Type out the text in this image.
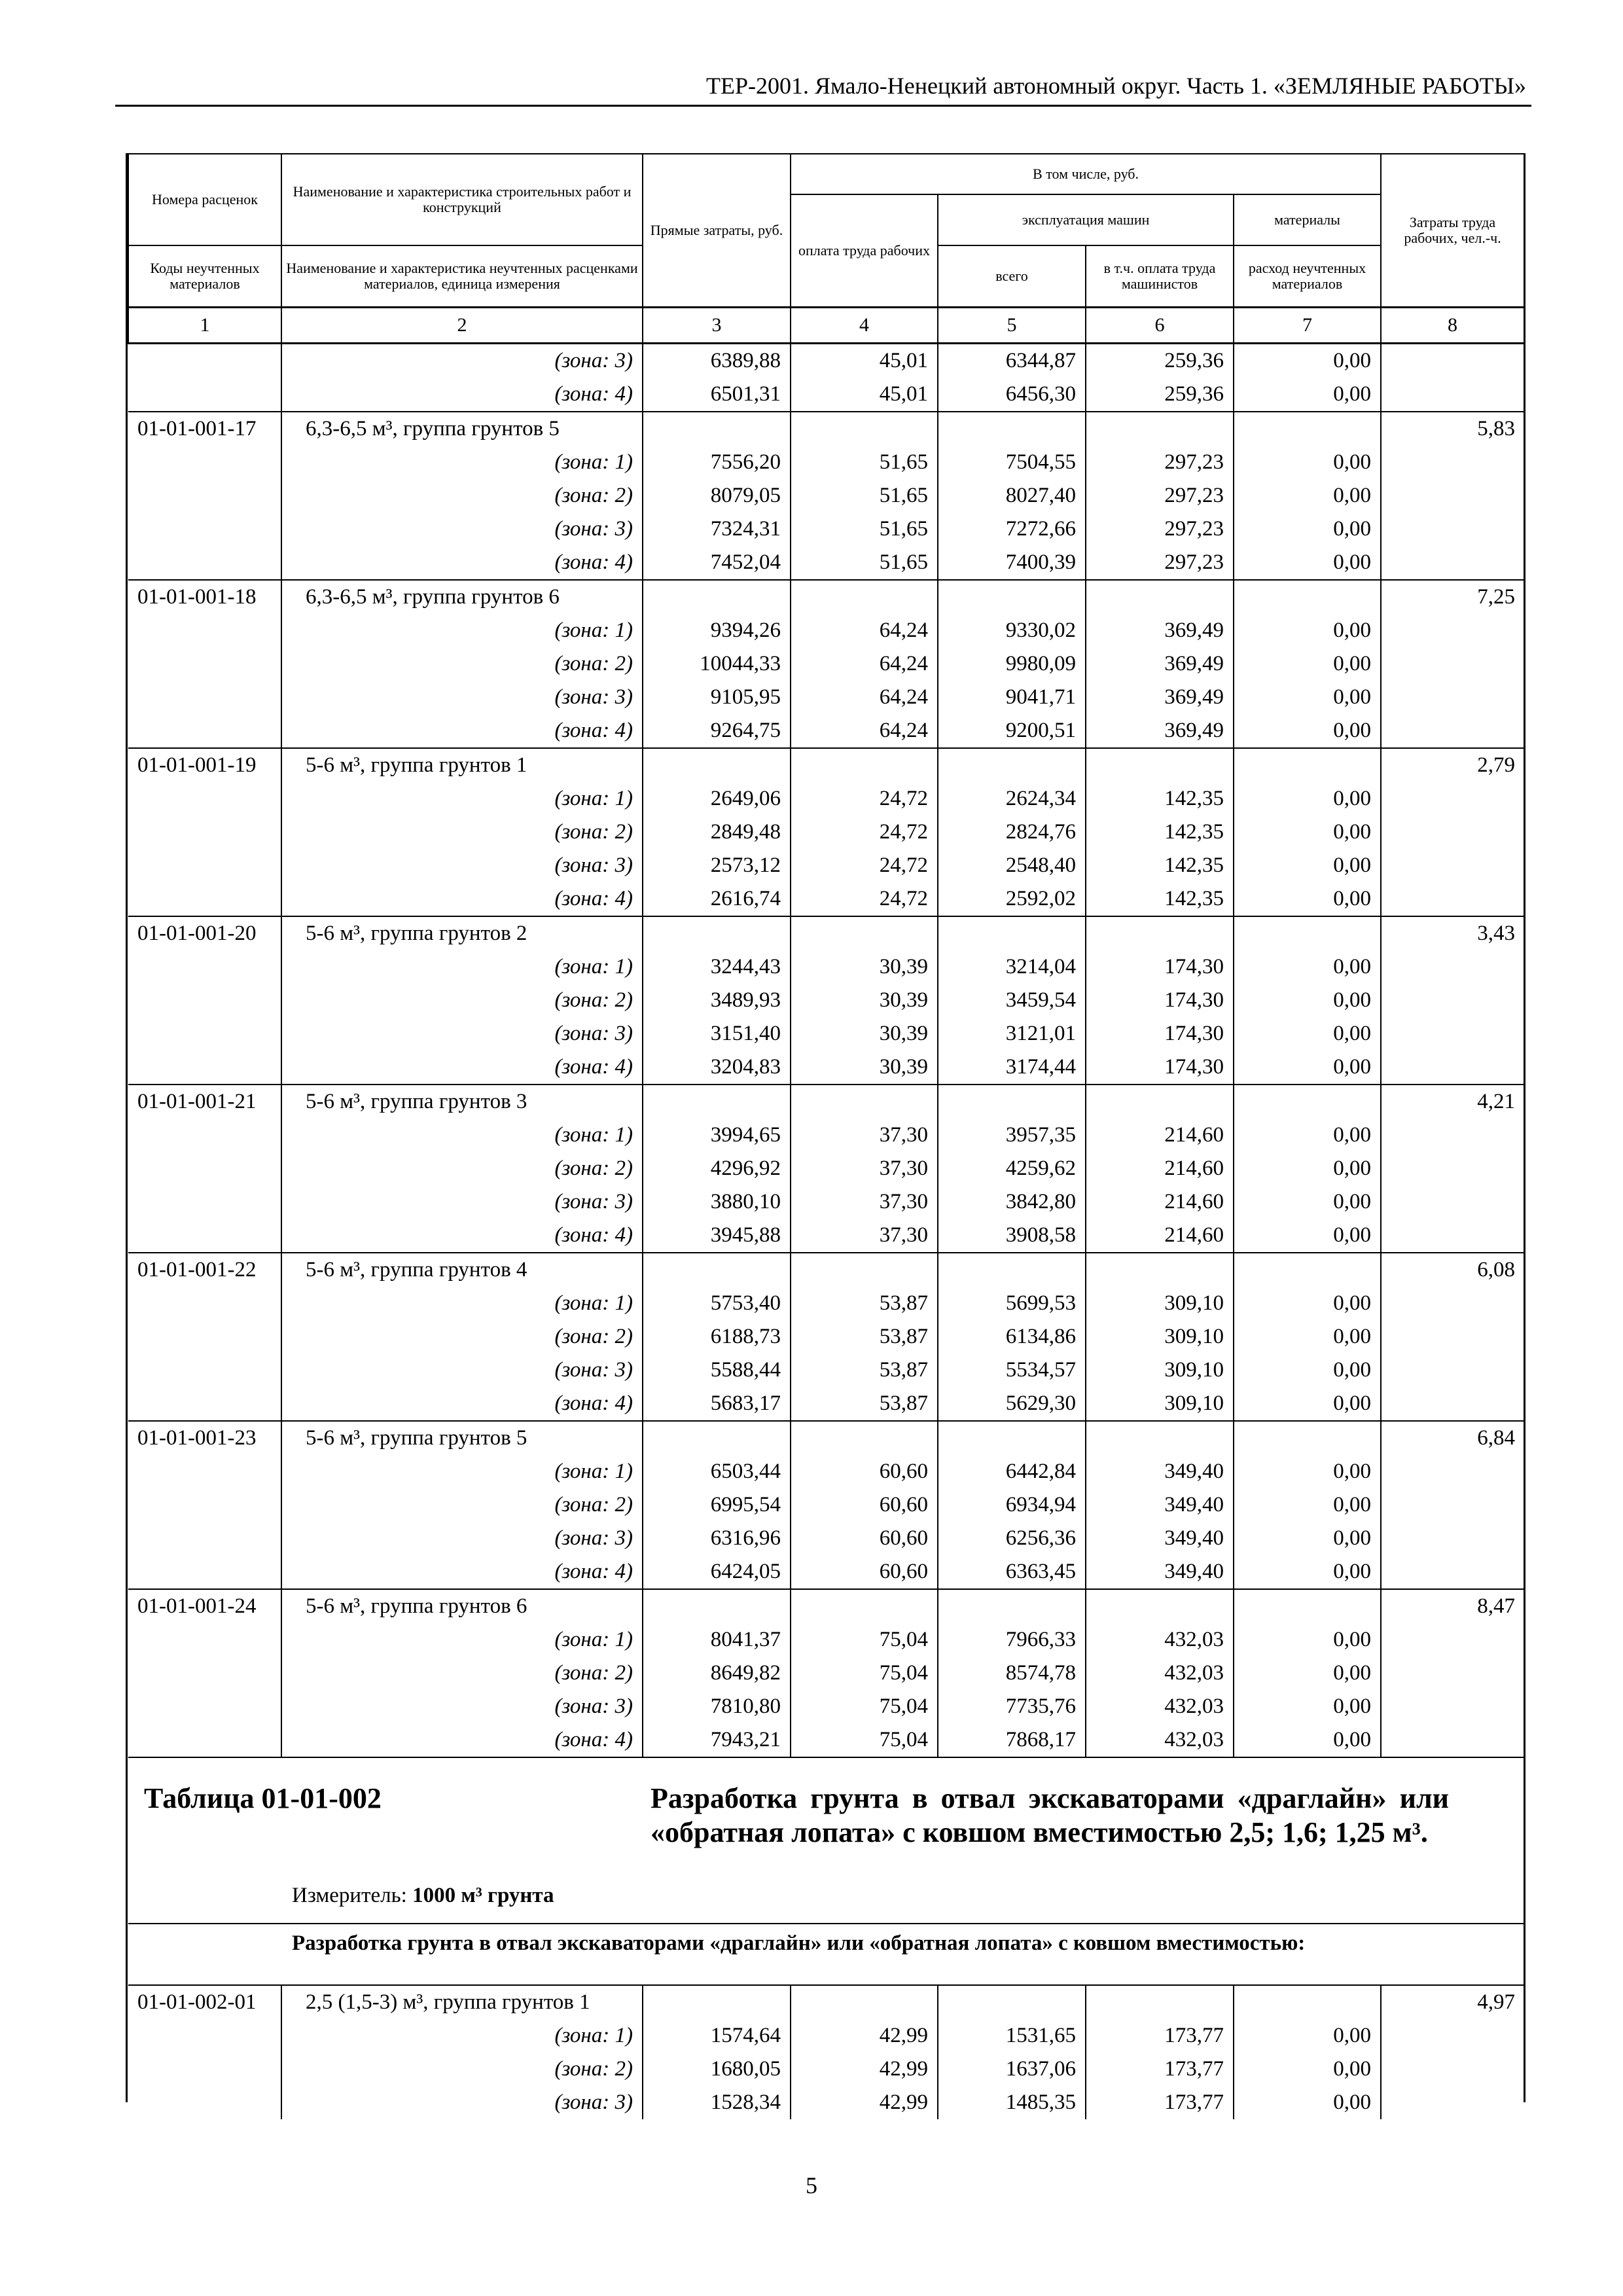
ТЕР-2001. Ямало-Ненецкий автономный округ. Часть 1. «ЗЕМЛЯНЫЕ РАБОТЫ»
Номера расценок	Наименование и характеристика строительных работ и конструкций	Прямые затраты, руб.	В том числе, руб.				Затраты труда рабочих, чел.-ч.
			оплата труда рабочих	эксплуатация машин		материалы	
Коды неучтенных материалов	Наименование и характеристика неучтенных расценками материалов, единица измерения			всего	в т.ч. оплата труда машинистов	расход неучтенных материалов	
1	2	3	4	5	6	7	8
	(зона: 3)	6389,88	45,01	6344,87	259,36	0,00	
	(зона: 4)	6501,31	45,01	6456,30	259,36	0,00	
01-01-001-17	6,3-6,5 м³, группа грунтов 5						5,83
	(зона: 1)	7556,20	51,65	7504,55	297,23	0,00	
	(зона: 2)	8079,05	51,65	8027,40	297,23	0,00	
	(зона: 3)	7324,31	51,65	7272,66	297,23	0,00	
	(зона: 4)	7452,04	51,65	7400,39	297,23	0,00	
01-01-001-18	6,3-6,5 м³, группа грунтов 6						7,25
	(зона: 1)	9394,26	64,24	9330,02	369,49	0,00	
	(зона: 2)	10044,33	64,24	9980,09	369,49	0,00	
	(зона: 3)	9105,95	64,24	9041,71	369,49	0,00	
	(зона: 4)	9264,75	64,24	9200,51	369,49	0,00	
01-01-001-19	5-6 м³, группа грунтов 1						2,79
	(зона: 1)	2649,06	24,72	2624,34	142,35	0,00	
	(зона: 2)	2849,48	24,72	2824,76	142,35	0,00	
	(зона: 3)	2573,12	24,72	2548,40	142,35	0,00	
	(зона: 4)	2616,74	24,72	2592,02	142,35	0,00	
01-01-001-20	5-6 м³, группа грунтов 2						3,43
	(зона: 1)	3244,43	30,39	3214,04	174,30	0,00	
	(зона: 2)	3489,93	30,39	3459,54	174,30	0,00	
	(зона: 3)	3151,40	30,39	3121,01	174,30	0,00	
	(зона: 4)	3204,83	30,39	3174,44	174,30	0,00	
01-01-001-21	5-6 м³, группа грунтов 3						4,21
	(зона: 1)	3994,65	37,30	3957,35	214,60	0,00	
	(зона: 2)	4296,92	37,30	4259,62	214,60	0,00	
	(зона: 3)	3880,10	37,30	3842,80	214,60	0,00	
	(зона: 4)	3945,88	37,30	3908,58	214,60	0,00	
01-01-001-22	5-6 м³, группа грунтов 4						6,08
	(зона: 1)	5753,40	53,87	5699,53	309,10	0,00	
	(зона: 2)	6188,73	53,87	6134,86	309,10	0,00	
	(зона: 3)	5588,44	53,87	5534,57	309,10	0,00	
	(зона: 4)	5683,17	53,87	5629,30	309,10	0,00	
01-01-001-23	5-6 м³, группа грунтов 5						6,84
	(зона: 1)	6503,44	60,60	6442,84	349,40	0,00	
	(зона: 2)	6995,54	60,60	6934,94	349,40	0,00	
	(зона: 3)	6316,96	60,60	6256,36	349,40	0,00	
	(зона: 4)	6424,05	60,60	6363,45	349,40	0,00	
01-01-001-24	5-6 м³, группа грунтов 6						8,47
	(зона: 1)	8041,37	75,04	7966,33	432,03	0,00	
	(зона: 2)	8649,82	75,04	8574,78	432,03	0,00	
	(зона: 3)	7810,80	75,04	7735,76	432,03	0,00	
	(зона: 4)	7943,21	75,04	7868,17	432,03	0,00	

Таблица 01-01-002 Разработка грунта в отвал экскаваторами «драглайн» или «обратная лопата» с ковшом вместимостью 2,5; 1,6; 1,25 м³.
Измеритель: 1000 м³ грунта							

Разработка грунта в отвал экскаваторами «драглайн» или «обратная лопата» с ковшом вместимостью:							

01-01-002-01	2,5 (1,5-3) м³, группа грунтов 1						4,97
	(зона: 1)	1574,64	42,99	1531,65	173,77	0,00	
	(зона: 2)	1680,05	42,99	1637,06	173,77	0,00	
	(зона: 3)	1528,34	42,99	1485,35	173,77	0,00	
5
